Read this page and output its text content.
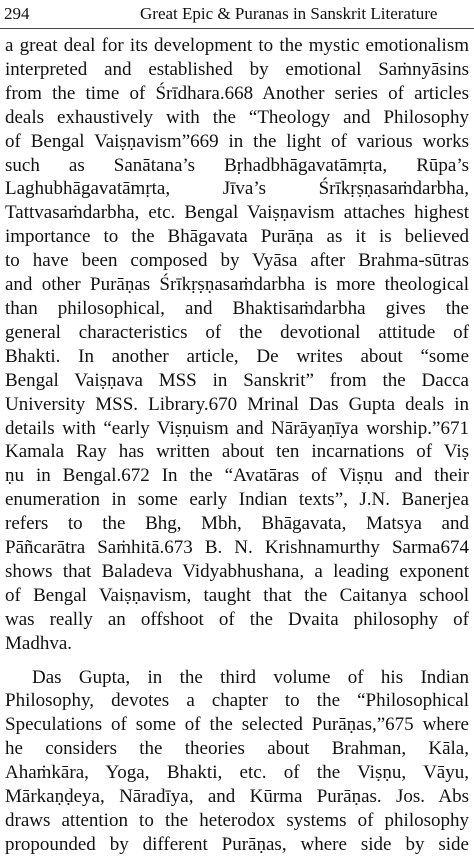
294	Great Epic & Puranas in Sanskrit Literature
a great deal for its development to the mystic emotionalism
interpreted and established by emotional Saṁnyāsins
from the time of Śrīdhara.668 Another series of articles
deals exhaustively with the “Theology and Philosophy
of Bengal Vaiṣṇavism”669 in the light of various works
such as Sanātana’s Bṛhadbhāgavatāmṛta, Rūpa’s
Laghubhāgavatāmṛta, Jīva’s Śrīkṛṣṇasaṁdarbha,
Tattvasaṁdarbha, etc. Bengal Vaiṣṇavism attaches highest
importance to the Bhāgavata Purāṇa as it is believed
to have been composed by Vyāsa after Brahma-sūtras
and other Purāṇas Śrīkṛṣṇasaṁdarbha is more theological
than philosophical, and Bhaktisaṁdarbha gives the
general characteristics of the devotional attitude of
Bhakti. In another article, De writes about “some
Bengal Vaiṣṇava MSS in Sanskrit” from the Dacca
University MSS. Library.670 Mrinal Das Gupta deals in
details with “early Viṣṇuism and Nārāyaṇīya worship.”671
Kamala Ray has written about ten incarnations of Viṣ
ṇu in Bengal.672 In the “Avatāras of Viṣṇu and their
enumeration in some early Indian texts”, J.N. Banerjea
refers to the Bhg, Mbh, Bhāgavata, Matsya and
Pāñcarātra Saṁhitā.673 B. N. Krishnamurthy Sarma674
shows that Baladeva Vidyabhushana, a leading exponent
of Bengal Vaiṣṇavism, taught that the Caitanya school
was really an offshoot of the Dvaita philosophy of
Madhva.
Das Gupta, in the third volume of his Indian
Philosophy, devotes a chapter to the “Philosophical
Speculations of some of the selected Purāṇas,”675 where
he considers the theories about Brahman, Kāla,
Ahaṁkāra, Yoga, Bhakti, etc. of the Viṣṇu, Vāyu,
Mārkaṇḍeya, Nāradīya, and Kūrma Purāṇas. Jos. Abs
draws attention to the heterodox systems of philosophy
propounded by different Purāṇas, where side by side
